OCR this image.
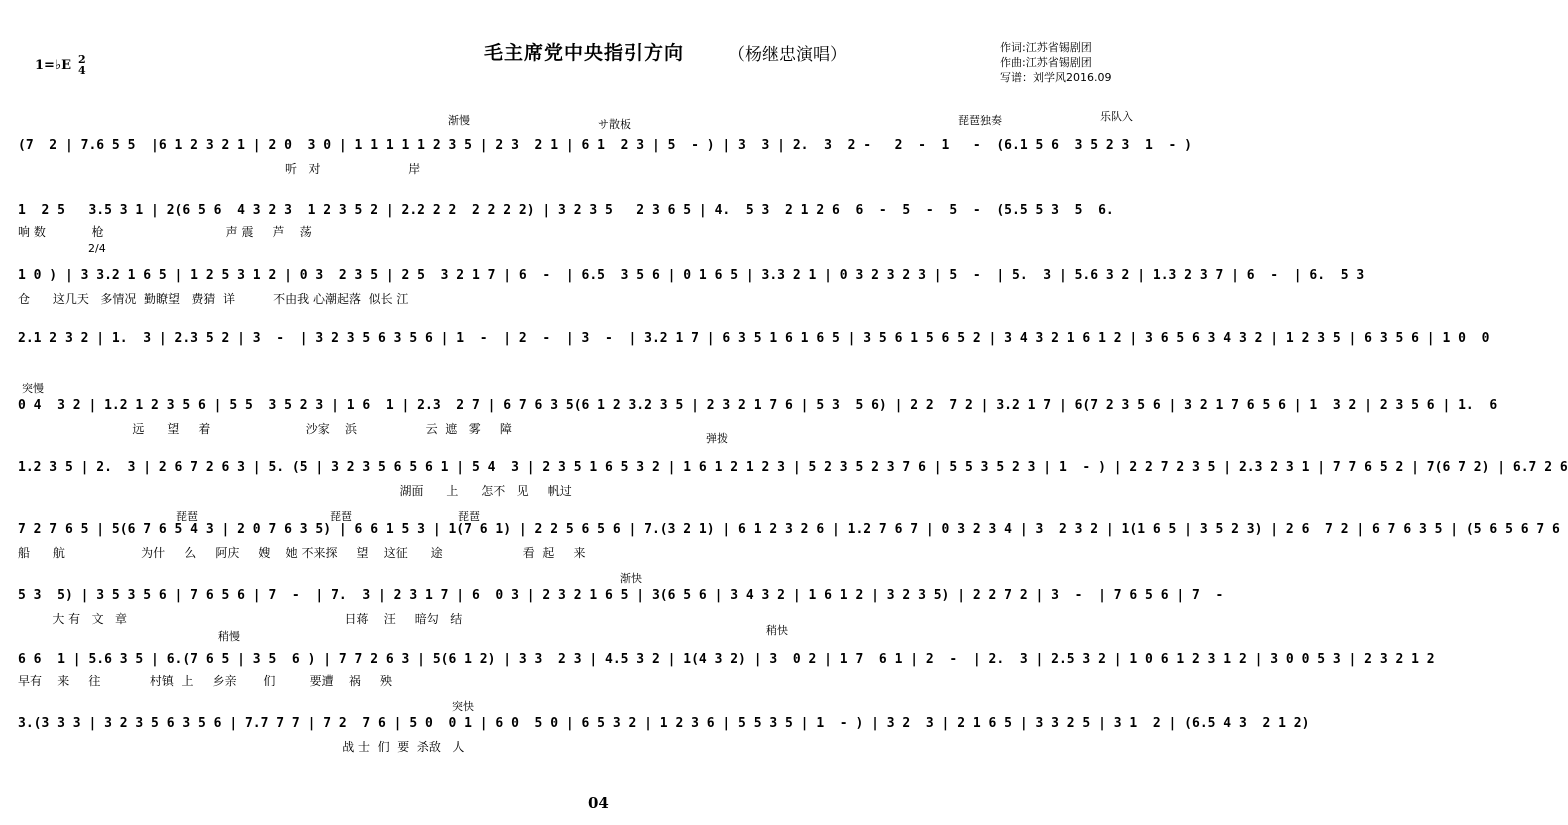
毛主席党中央指引方向	（杨继忠演唱）	作词:江苏省锡剧团
作曲:江苏省锡剧团
写谱：刘学风2016.09
1=♭E 2
4
渐慢	サ散板	琵琶独奏	乐队入
2/4
突慢
弹拨
琵琶	琵琶	琵琶
渐快
稍慢	稍快
突快
(7  2 | 7.6 5 5  |6 1 2 3 2 1 | 2 0  3 0 | 1 1 1 1 1 2 3 5 | 2 3  2 1 | 6 1  2 3 | 5  - ) | 3  3 | 2.  3  2 -   2  -  1   -  (6.1 5 6  3 5 2 3  1  - )
听   对                       岸
1  2 5   3.5 3 1 | 2(6 5 6  4 3 2 3  1 2 3 5 2 | 2.2 2 2  2 2 2 2) | 3 2 3 5   2 3 6 5 | 4.  5 3  2 1 2 6  6  -  5  -  5  -  (5.5 5 3  5  6.
响 数            枪                                声 震     芦    荡
1 0 ) | 3 3.2 1 6 5 | 1 2 5 3 1 2 | 0 3  2 3 5 | 2 5  3 2 1 7 | 6  -  | 6.5  3 5 6 | 0 1 6 5 | 3.3 2 1 | 0 3 2 3 2 3 | 5  -  | 5.  3 | 5.6 3 2 | 1.3 2 3 7 | 6  -  | 6.  5 3
仓      这几天   多情况  勤瞭望   费猜  详          不由我 心潮起落  似长 江
2.1 2 3 2 | 1.  3 | 2.3 5 2 | 3  -  | 3 2 3 5 6 3 5 6 | 1  -  | 2  -  | 3  -  | 3.2 1 7 | 6 3 5 1 6 1 6 5 | 3 5 6 1 5 6 5 2 | 3 4 3 2 1 6 1 2 | 3 6 5 6 3 4 3 2 | 1 2 3 5 | 6 3 5 6 | 1 0  0
0 4  3 2 | 1.2 1 2 3 5 6 | 5 5  3 5 2 3 | 1 6  1 | 2.3  2 7 | 6 7 6 3 5(6 1 2 3.2 3 5 | 2 3 2 1 7 6 | 5 3  5 6) | 2 2  7 2 | 3.2 1 7 | 6(7 2 3 5 6 | 3 2 1 7 6 5 6 | 1  3 2 | 2 3 5 6 | 1.  6
远      望     着                         沙家    浜                  云  遮   雾     障
1.2 3 5 | 2.  3 | 2 6 7 2 6 3 | 5. (5 | 3 2 3 5 6 5 6 1 | 5 4  3 | 2 3 5 1 6 5 3 2 | 1 6 1 2 1 2 3 | 5 2 3 5 2 3 7 6 | 5 5 3 5 2 3 | 1  - ) | 2 2 7 2 3 5 | 2.3 2 3 1 | 7 7 6 5 2 | 7(6 7 2) | 6.7 2 6
湖面      上      怎不   见     帆过
7 2 7 6 5 | 5(6 7 6 5 4 3 | 2 0 7 6 3 5) | 6 6 1 5 3 | 1(7 6 1) | 2 2 5 6 5 6 | 7.(3 2 1) | 6 1 2 3 2 6 | 1.2 7 6 7 | 0 3 2 3 4 | 3  2 3 2 | 1(1 6 5 | 3 5 2 3) | 2 6  7 2 | 6 7 6 3 5 | (5 6 5 6 7 6
船      航                    为什     么     阿庆     嫂    她 不来探     望    这征      途                     看  起     来
5 3  5) | 3 5 3 5 6 | 7 6 5 6 | 7  -  | 7.  3 | 2 3 1 7 | 6  0 3 | 2 3 2 1 6 5 | 3(6 5 6 | 3 4 3 2 | 1 6 1 2 | 3 2 3 5) | 2 2 7 2 | 3  -  | 7 6 5 6 | 7  -
大 有   文   章                                                         日蒋    汪     暗勾   结
6 6  1 | 5.6 3 5 | 6.(7 6 5 | 3 5  6 ) | 7 7 2 6 3 | 5(6 1 2) | 3 3  2 3 | 4.5 3 2 | 1(4 3 2) | 3  0 2 | 1 7  6 1 | 2  -  | 2.  3 | 2.5 3 2 | 1 0 6 1 2 3 1 2 | 3 0 0 5 3 | 2 3 2 1 2
早有    来     往             村镇  上     乡亲       们         要遭    祸     殃
3.(3 3 3 | 3 2 3 5 6 3 5 6 | 7.7 7 7 | 7 2  7 6 | 5 0  0 1 | 6 0  5 0 | 6 5 3 2 | 1 2 3 6 | 5 5 3 5 | 1  - ) | 3 2  3 | 2 1 6 5 | 3 3 2 5 | 3 1  2 | (6.5 4 3  2 1 2)
战 士  们  要  杀敌   人
04
